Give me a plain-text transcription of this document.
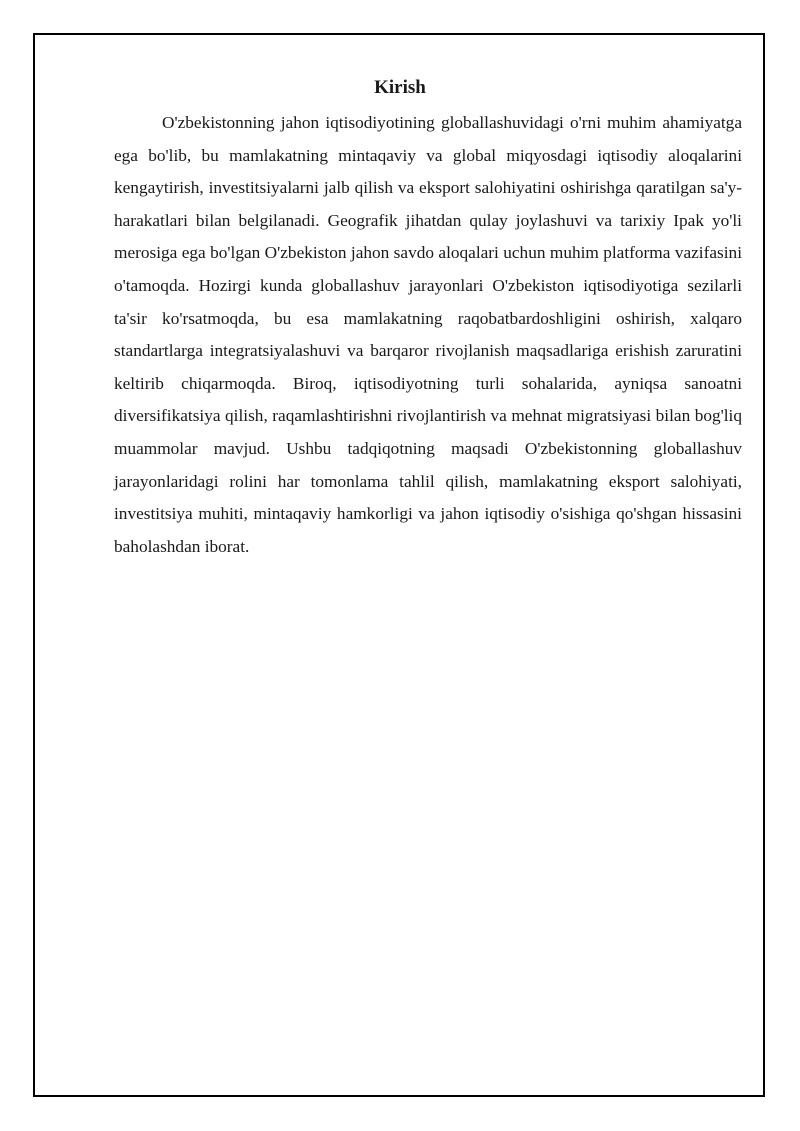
Kirish

O'zbekistonning jahon iqtisodiyotining globallashuvidagi o'rni muhim ahamiyatga ega bo'lib, bu mamlakatning mintaqaviy va global miqyosdagi iqtisodiy aloqalarini kengaytirish, investitsiyalarni jalb qilish va eksport salohiyatini oshirishga qaratilgan sa'y-harakatlari bilan belgilanadi. Geografik jihatdan qulay joylashuvi va tarixiy Ipak yo'li merosiga ega bo'lgan O'zbekiston jahon savdo aloqalari uchun muhim platforma vazifasini o'tamoqda. Hozirgi kunda globallashuv jarayonlari O'zbekiston iqtisodiyotiga sezilarli ta'sir ko'rsatmoqda, bu esa mamlakatning raqobatbardoshligini oshirish, xalqaro standartlarga integratsiyalashuvi va barqaror rivojlanish maqsadlariga erishish zaruratini keltirib chiqarmoqda. Biroq, iqtisodiyotning turli sohalarida, ayniqsa sanoatni diversifikatsiya qilish, raqamlashtirishni rivojlantirish va mehnat migratsiyasi bilan bog'liq muammolar mavjud. Ushbu tadqiqotning maqsadi O'zbekistonning globallashuv jarayonlaridagi rolini har tomonlama tahlil qilish, mamlakatning eksport salohiyati, investitsiya muhiti, mintaqaviy hamkorligi va jahon iqtisodiy o'sishiga qo'shgan hissasini baholashdan iborat.
